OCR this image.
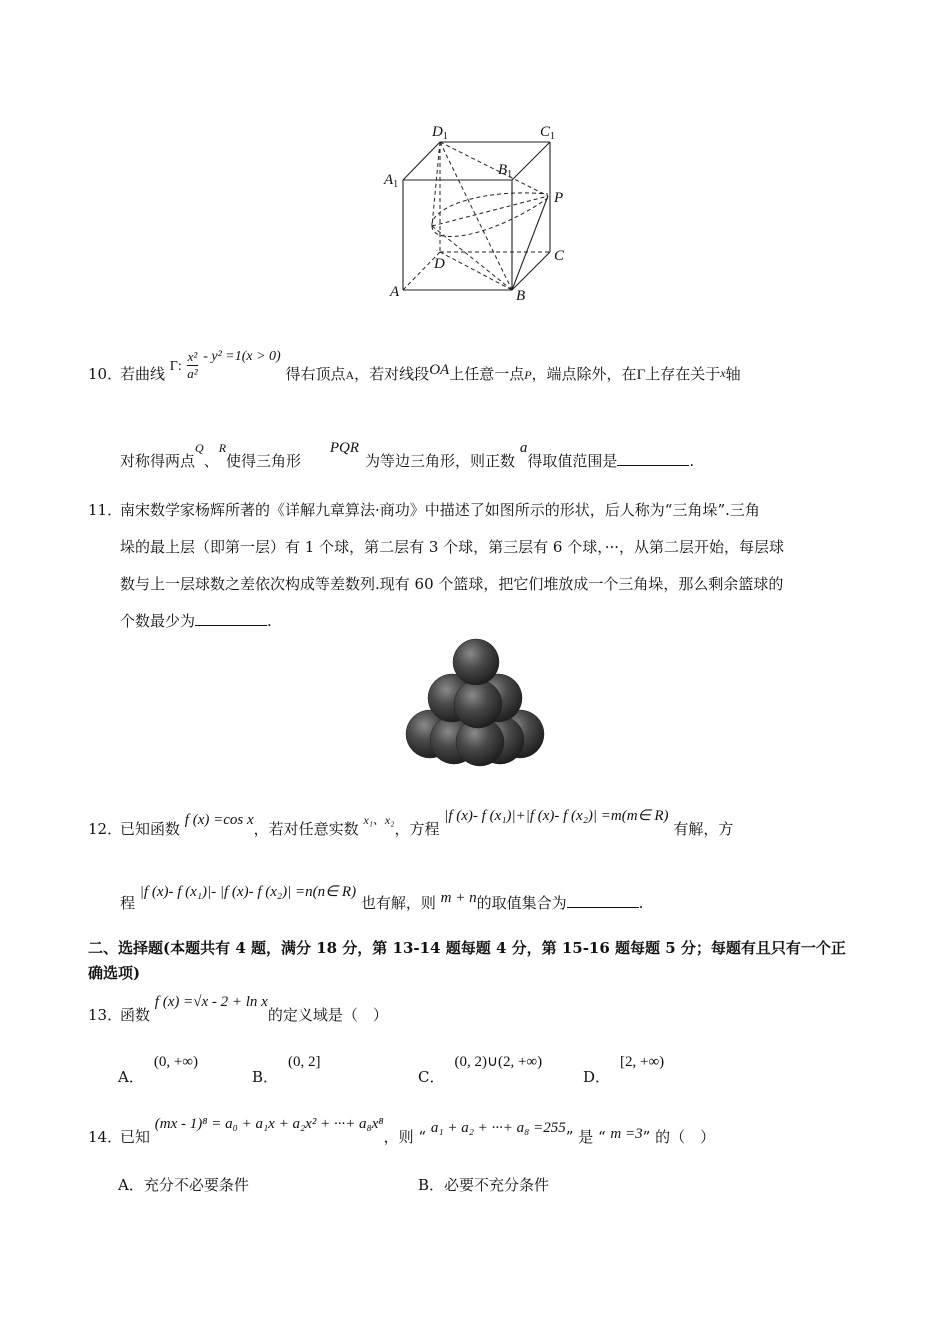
$D_1$	$C_1$
$A_1$
$B_1$
P
D	C
A	B
10．
若曲线 Γ: $\frac{\text{x²}}{\text{a²}} - y^2 =1(x > 0)$ 得右顶点$_A$，若对线段OA上任意一点$_P$，端点除外，在Γ上存在关于$_x$轴
对称得两点$_Q$、$_R$使得三角形 PQR为等边三角形，则正数 a得取值范围是	.
11．
南宋数学家杨辉所著的《详解九章算法·商功》中描述了如图所示的形状，后人称为“三角垛”.三角
垛的最上层（即第一层）有 1 个球，第二层有 3 个球，第三层有 6 个球，···，从第二层开始，每层球
数与上一层球数之差依次构成等差数列.现有 60 个篮球，把它们堆放成一个三角垛，那么剩余篮球的
个数最少为	.
12．
已知函数 f (x) =cos x，若对任意实数 $_{x_1、x_2}$，方程 |f (x)- f (x₁)|+|f (x)- f (x₂)| =m(m∈ R) 有解，方
程 |f (x)- f (x₁)|- |f (x)- f (x₂)| =n(n∈ R) 也有解，则 m + n的取值集合为	.
二、选择题(本题共有 4 题，满分 18 分，第 13-14 题每题 4 分，第 15-16 题每题 5 分；每题有且只有一个正
确选项)
13．
函数 f (x) =√x - 2 + ln x的定义域是（　）
A．(0, +∞)
B．(0, 2]
C．(0, 2)∪(2, +∞)
D．[2, +∞)
14．
已知 (mx - 1)⁸ = a₀ + a₁x + a₂x² + ···+ a₈x⁸，则 “ a₁ + a₂ + ···+ a₈ =255” 是 “ m =3” 的（　）
A．充分不必要条件	B．必要不充分条件
